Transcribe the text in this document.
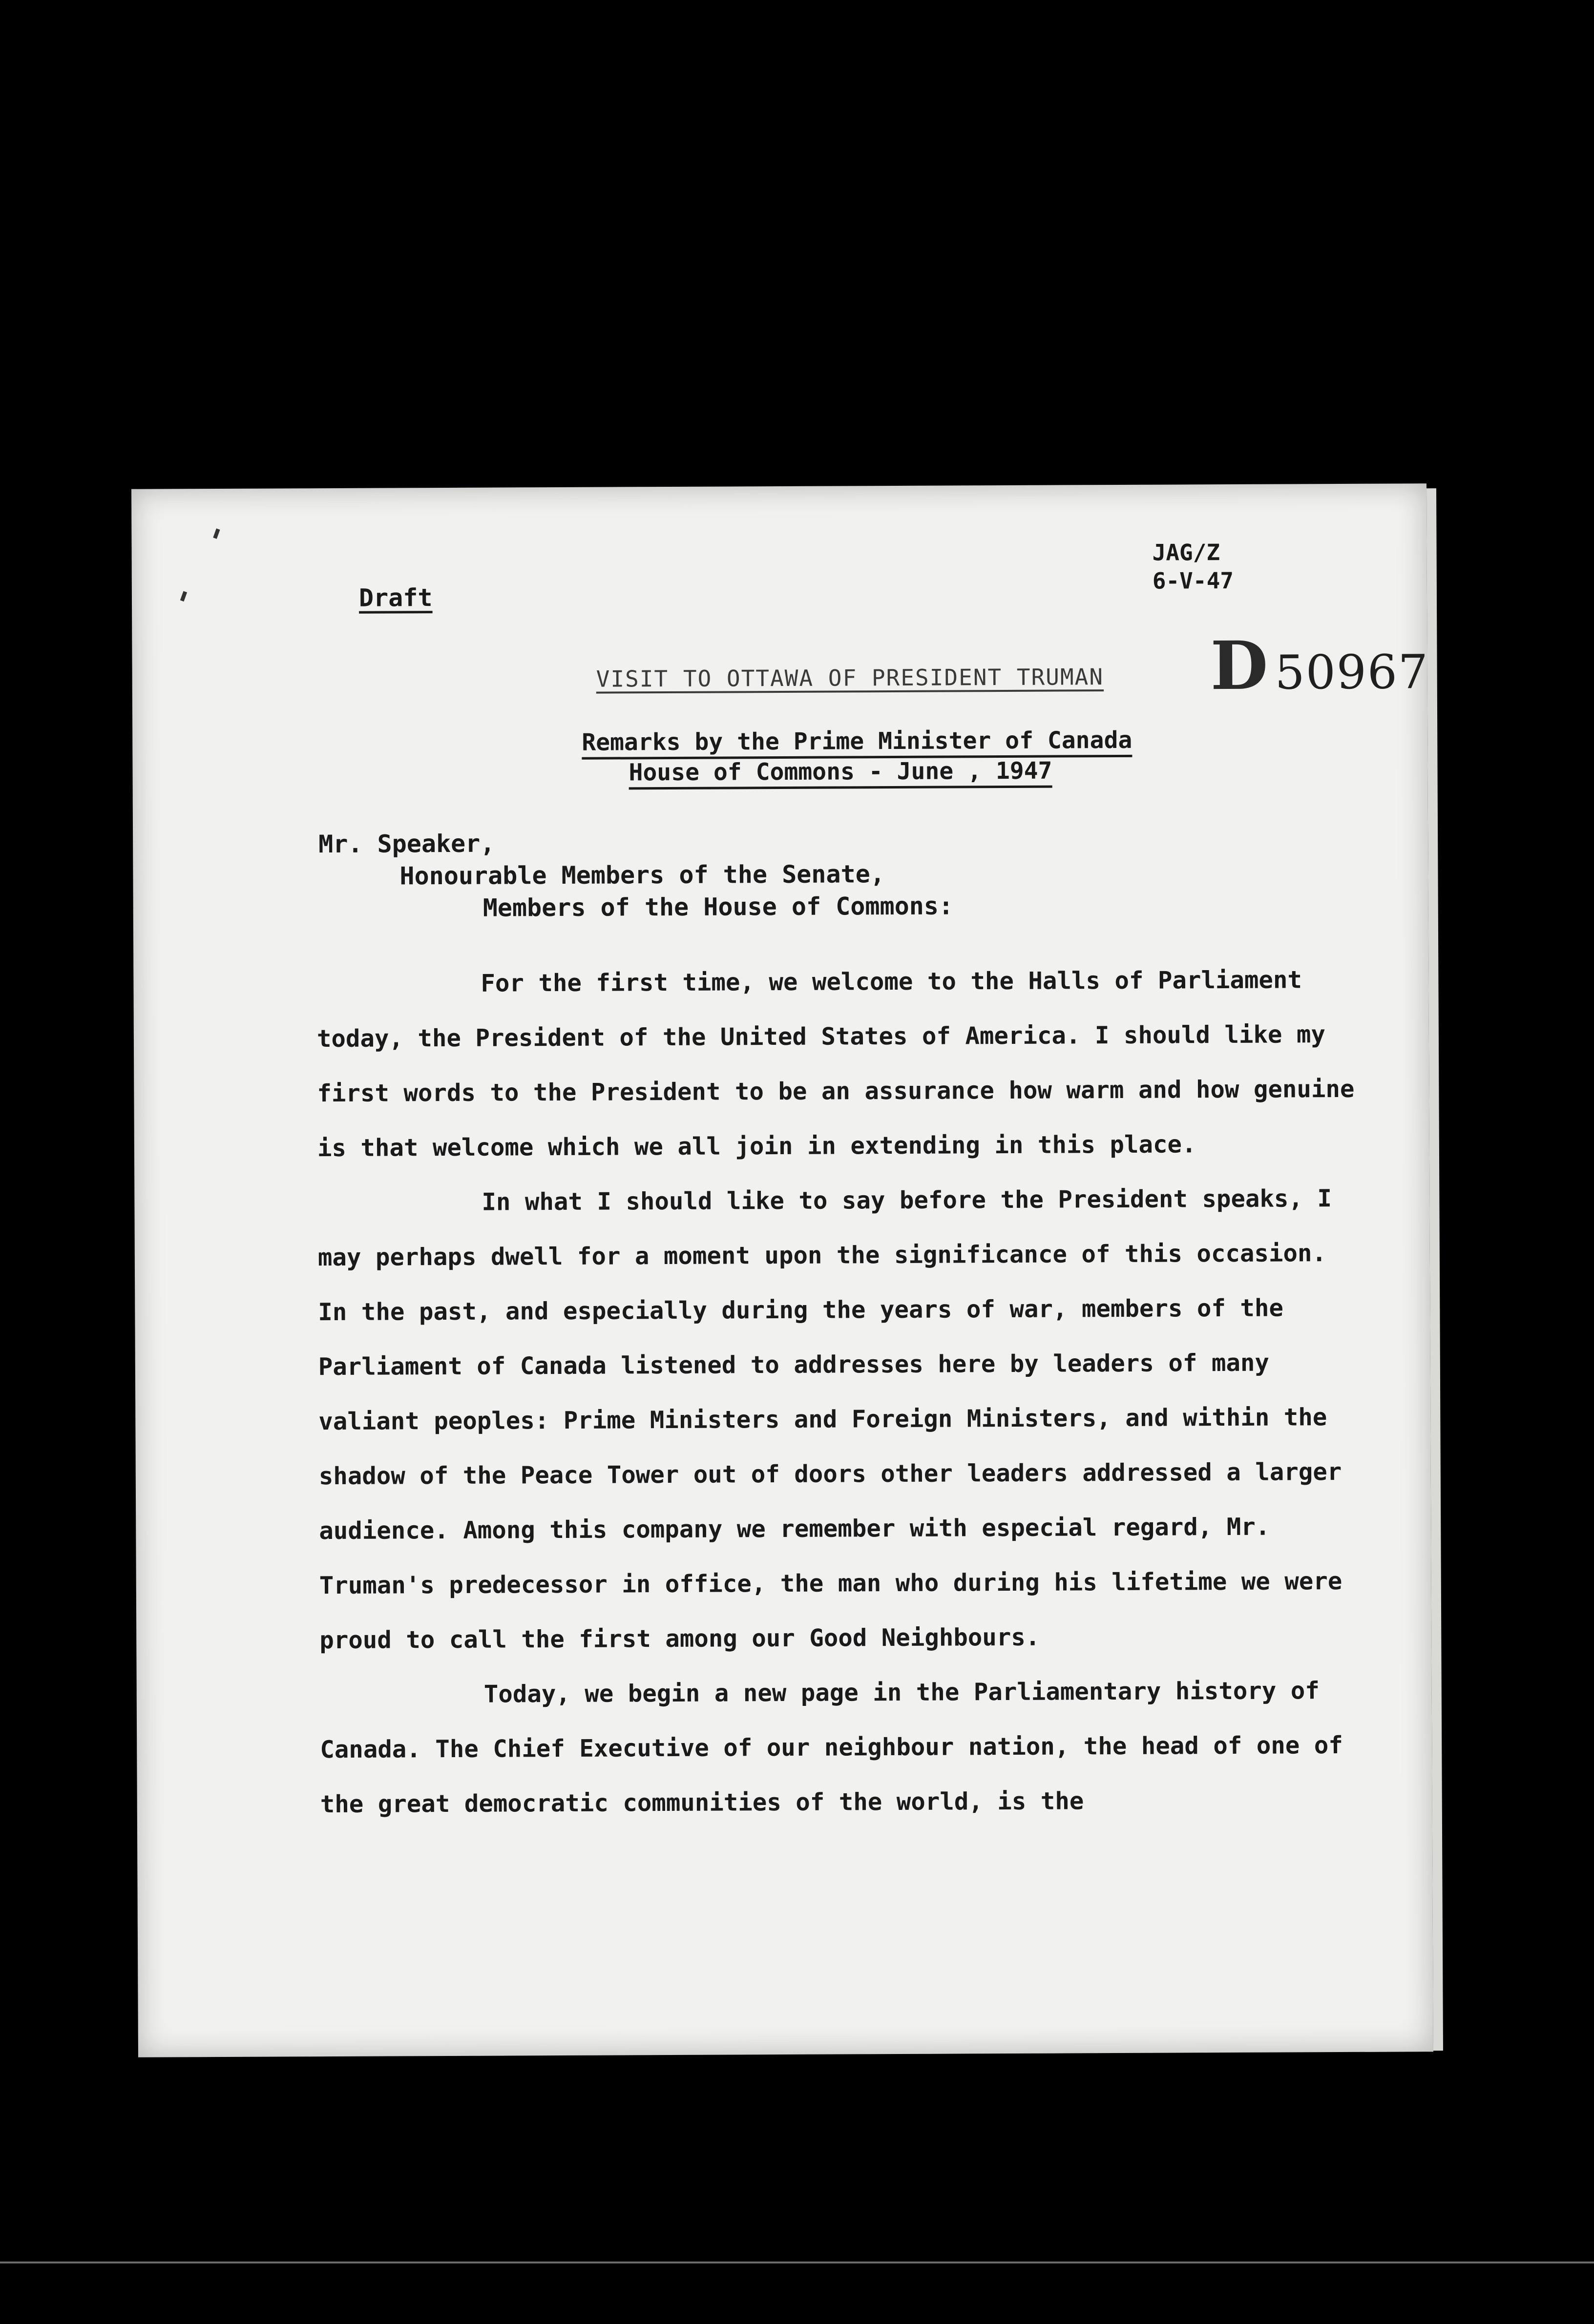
Draft
JAG/Z
6-V-47
D 50967
VISIT TO OTTAWA OF PRESIDENT TRUMAN
Remarks by the Prime Minister of Canada
House of Commons - June , 1947
Mr. Speaker,
Honourable Members of the Senate,
Members of the House of Commons:

For the first time, we welcome to the Halls of Parliament today, the President of the United States of America. I should like my first words to the President to be an assurance how warm and how genuine is that welcome which we all join in extending in this place.

In what I should like to say before the President speaks, I may perhaps dwell for a moment upon the significance of this occasion. In the past, and especially during the years of war, members of the Parliament of Canada listened to addresses here by leaders of many valiant peoples: Prime Ministers and Foreign Ministers, and within the shadow of the Peace Tower out of doors other leaders addressed a larger audience. Among this company we remember with especial regard, Mr. Truman's predecessor in office, the man who during his lifetime we were proud to call the first among our Good Neighbours.

Today, we begin a new page in the Parliamentary history of Canada. The Chief Executive of our neighbour nation, the head of one of the great democratic communities of the world, is the
